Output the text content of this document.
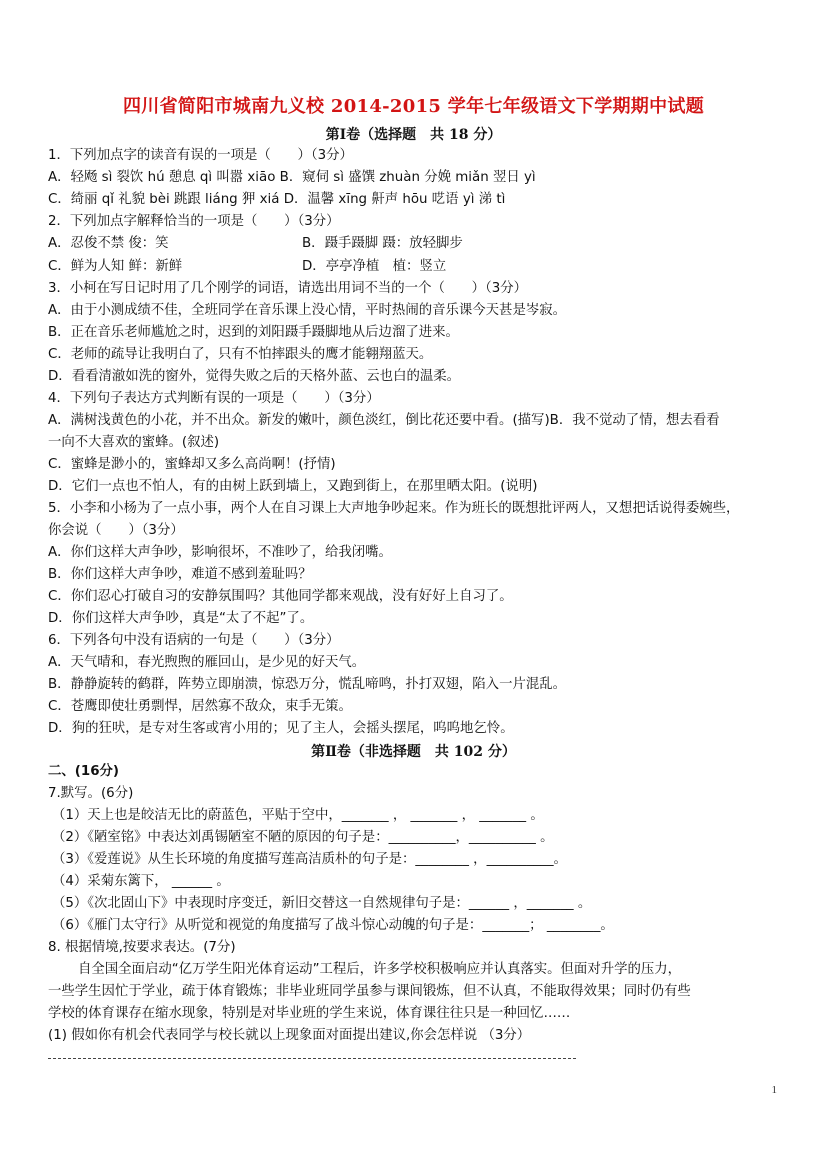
四川省简阳市城南九义校 2014-2015 学年七年级语文下学期期中试题
第Ⅰ卷（选择题　共 18 分）
1．下列加点字的读音有误的一项是（　　）（3分）
A．轻飏 sì 裂饮 hú 憩息 qì 叫嚣 xiāo B．窥伺 sì 盛馔 zhuàn 分娩 miǎn 翌日 yì
C．绮丽 qǐ 礼貌 bèi 跳跟 liáng 狎 xiá D．温馨 xīng 鼾声 hōu 呓语 yì 涕 tì
2．下列加点字解释恰当的一项是（　　）（3分）
A．忍俊不禁 俊：笑	B．蹑手蹑脚 蹑：放轻脚步
C．鲜为人知 鲜：新鲜	D．亭亭净植　植：竖立
3．小柯在写日记时用了几个刚学的词语，请选出用词不当的一个（　　）（3分）
A．由于小测成绩不佳，全班同学在音乐课上没心情，平时热闹的音乐课今天甚是岑寂。
B．正在音乐老师尴尬之时，迟到的刘阳蹑手蹑脚地从后边溜了进来。
C．老师的疏导让我明白了，只有不怕摔跟头的鹰才能翱翔蓝天。
D．看看清澈如洗的窗外，觉得失败之后的天格外蓝、云也白的温柔。
4．下列句子表达方式判断有误的一项是（　　）（3分）
A．满树浅黄色的小花，并不出众。新发的嫩叶，颜色淡红，倒比花还要中看。(描写)B．我不觉动了情，想去看看
一向不大喜欢的蜜蜂。(叙述)
C．蜜蜂是渺小的，蜜蜂却又多么高尚啊！(抒情)
D．它们一点也不怕人，有的由树上跃到墙上，又跑到街上，在那里晒太阳。(说明)
5．小李和小杨为了一点小事，两个人在自习课上大声地争吵起来。作为班长的既想批评两人，又想把话说得委婉些，
你会说（　　）（3分）
A．你们这样大声争吵，影响很坏，不准吵了，给我闭嘴。
B．你们这样大声争吵，难道不感到羞耻吗？
C．你们忍心打破自习的安静氛围吗？其他同学都来观战，没有好好上自习了。
D．你们这样大声争吵，真是“太了不起”了。
6．下列各句中没有语病的一句是（　　）（3分）
A．天气晴和，春光煦煦的雁回山，是少见的好天气。
B．静静旋转的鹤群，阵势立即崩溃，惊恐万分，慌乱啼鸣，扑打双翅，陷入一片混乱。
C．苍鹰即使壮勇剽悍，居然寡不敌众，束手无策。
D．狗的狂吠，是专对生客或宵小用的；见了主人，会摇头摆尾，呜呜地乞怜。
第Ⅱ卷（非选择题　共 102 分）
二、(16分)
7.默写。(6分)
（1）天上也是皎洁无比的蔚蓝色，平贴于空中，_______ ， _______ ， _______ 。
（2）《陋室铭》中表达刘禹锡陋室不陋的原因的句子是：__________，__________ 。
（3）《爱莲说》从生长环境的角度描写莲高洁质朴的句子是：________ ，__________。
（4）采菊东篱下， ______ 。
（5）《次北固山下》中表现时序变迁，新旧交替这一自然规律句子是：______ ，_______ 。
（6）《雁门太守行》从听觉和视觉的角度描写了战斗惊心动魄的句子是：_______； ________。
8. 根据情境,按要求表达。(7分)
自全国全面启动“亿万学生阳光体育运动”工程后，许多学校积极响应并认真落实。但面对升学的压力，
一些学生因忙于学业，疏于体育锻炼；非毕业班同学虽参与课间锻炼，但不认真，不能取得效果；同时仍有些
学校的体育课存在缩水现象，特别是对毕业班的学生来说，体育课往往只是一种回忆……
(1) 假如你有机会代表同学与校长就以上现象面对面提出建议,你会怎样说 （3分）
1
